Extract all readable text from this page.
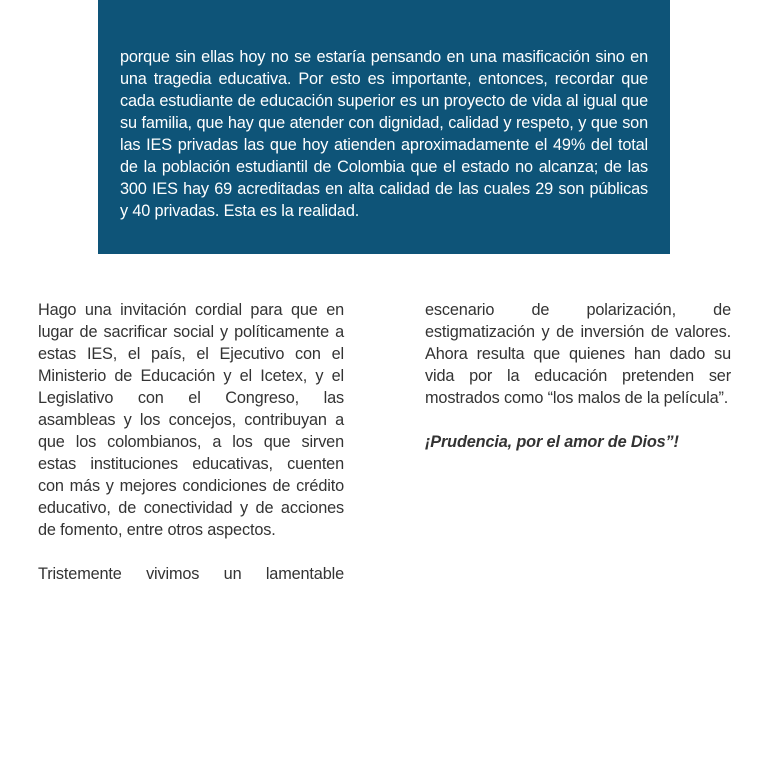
porque sin ellas hoy no se estaría pensando en una masificación sino en una tragedia educativa. Por esto es importante, entonces, recordar que cada estudiante de educación superior es un proyecto de vida al igual que su familia, que hay que atender con dignidad, calidad y respeto, y que son las IES privadas las que hoy atienden aproximadamente el 49% del total de la población estudiantil de Colombia que el estado no alcanza; de las 300 IES hay 69 acreditadas en alta calidad de las cuales 29 son públicas y 40 privadas. Esta es la realidad.

Hago una invitación cordial para que en lugar de sacrificar social y políticamente a estas IES, el país, el Ejecutivo con el Ministerio de Educación y el Icetex, y el Legislativo con el Congreso, las asambleas y los concejos, contribuyan a que los colombianos, a los que sirven estas instituciones educativas, cuenten con más y mejores condiciones de crédito educativo, de conectividad y de acciones de fomento, entre otros aspectos.

Tristemente vivimos un lamentable

escenario de polarización, de estigmatización y de inversión de valores. Ahora resulta que quienes han dado su vida por la educación pretenden ser mostrados como “los malos de la película”.

¡Prudencia, por el amor de Dios”!
